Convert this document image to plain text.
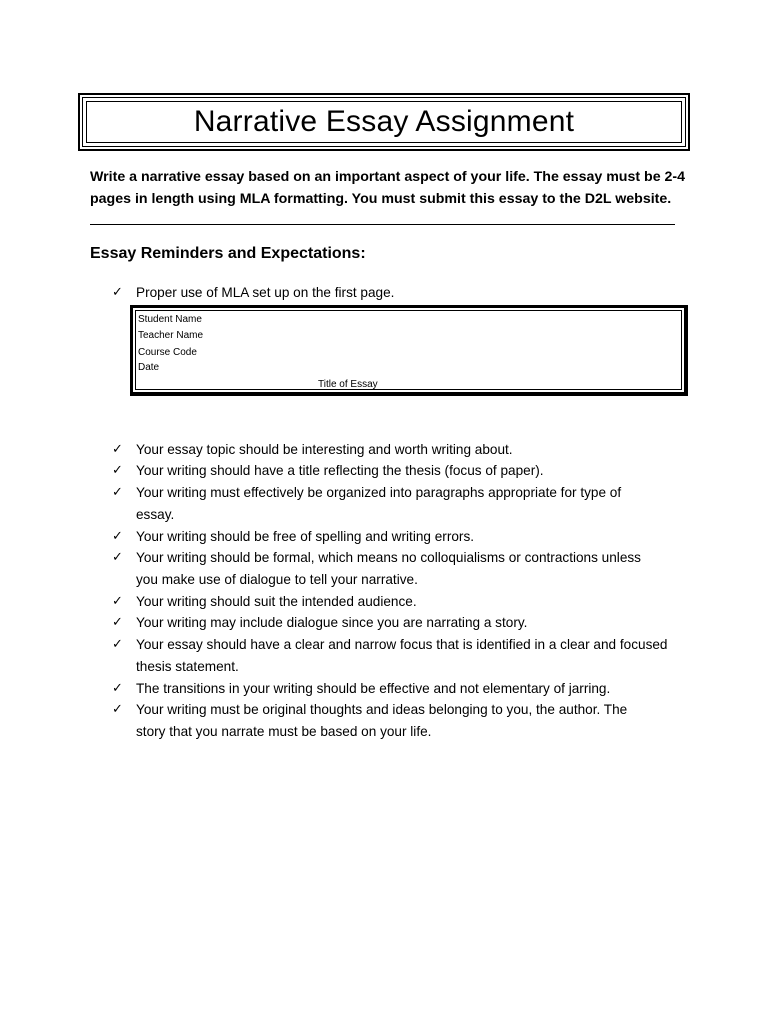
Narrative Essay Assignment
Write a narrative essay based on an important aspect of your life. The essay must be 2-4
pages in length using MLA formatting. You must submit this essay to the D2L website.
Essay Reminders and Expectations:
✓ Proper use of MLA set up on the first page.
Student Name
Teacher Name
Course Code
Date
Title of Essay
✓ Your essay topic should be interesting and worth writing about.
✓ Your writing should have a title reflecting the thesis (focus of paper).
✓ Your writing must effectively be organized into paragraphs appropriate for type of
essay.
✓ Your writing should be free of spelling and writing errors.
✓ Your writing should be formal, which means no colloquialisms or contractions unless
you make use of dialogue to tell your narrative.
✓ Your writing should suit the intended audience.
✓ Your writing may include dialogue since you are narrating a story.
✓ Your essay should have a clear and narrow focus that is identified in a clear and focused
thesis statement.
✓ The transitions in your writing should be effective and not elementary of jarring.
✓ Your writing must be original thoughts and ideas belonging to you, the author. The
story that you narrate must be based on your life.
